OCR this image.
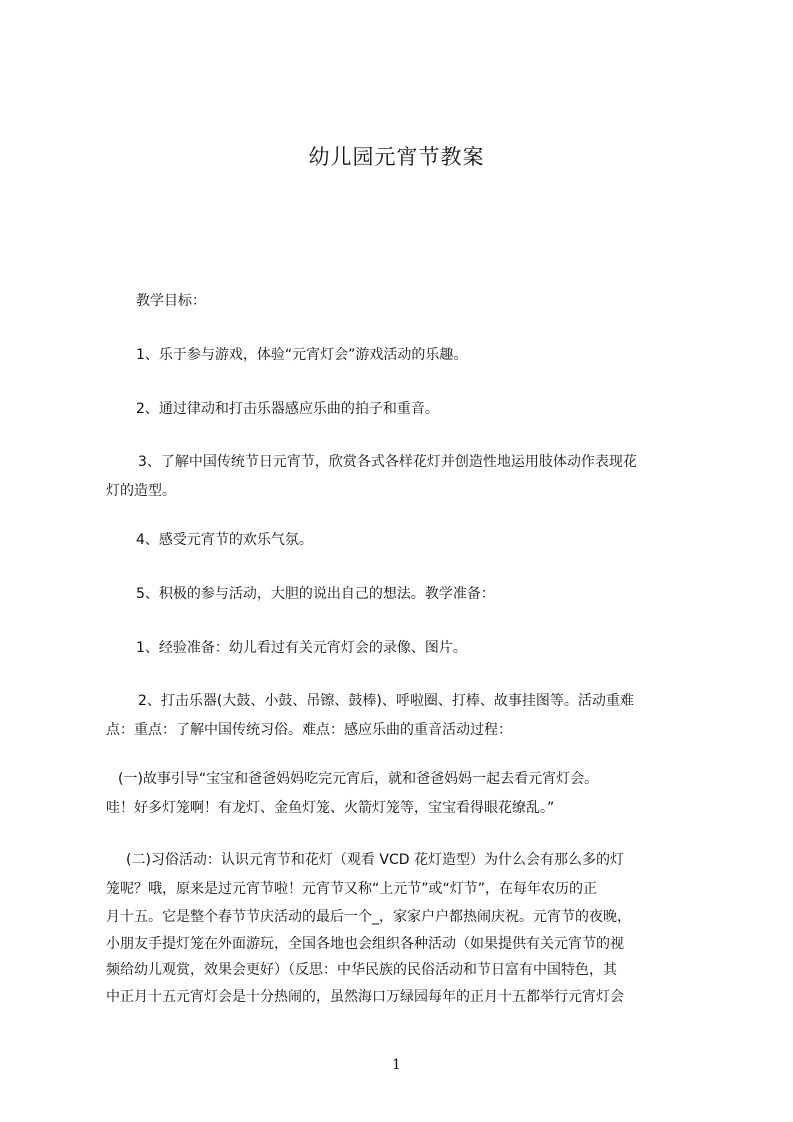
幼儿园元宵节教案
教学目标：
1、乐于参与游戏，体验“元宵灯会”游戏活动的乐趣。
2、通过律动和打击乐器感应乐曲的拍子和重音。
3、了解中国传统节日元宵节，欣赏各式各样花灯并创造性地运用肢体动作表现花
灯的造型。
4、感受元宵节的欢乐气氛。
5、积极的参与活动，大胆的说出自己的想法。教学准备：
1、经验准备：幼儿看过有关元宵灯会的录像、图片。
2、打击乐器(大鼓、小鼓、吊镲、鼓棒)、呼啦圈、打棒、故事挂图等。活动重难
点：重点：了解中国传统习俗。难点：感应乐曲的重音活动过程：
(一)故事引导“宝宝和爸爸妈妈吃完元宵后，就和爸爸妈妈一起去看元宵灯会。
哇！好多灯笼啊！有龙灯、金鱼灯笼、火箭灯笼等，宝宝看得眼花缭乱。”
(二)习俗活动：认识元宵节和花灯（观看 VCD 花灯造型）为什么会有那么多的灯
笼呢？哦，原来是过元宵节啦！元宵节又称“上元节”或“灯节”，在每年农历的正
月十五。它是整个春节节庆活动的最后一个_，家家户户都热闹庆祝。元宵节的夜晚，
小朋友手提灯笼在外面游玩，全国各地也会组织各种活动（如果提供有关元宵节的视
频给幼儿观赏，效果会更好）（反思：中华民族的民俗活动和节日富有中国特色，其
中正月十五元宵灯会是十分热闹的，虽然海口万绿园每年的正月十五都举行元宵灯会
1
